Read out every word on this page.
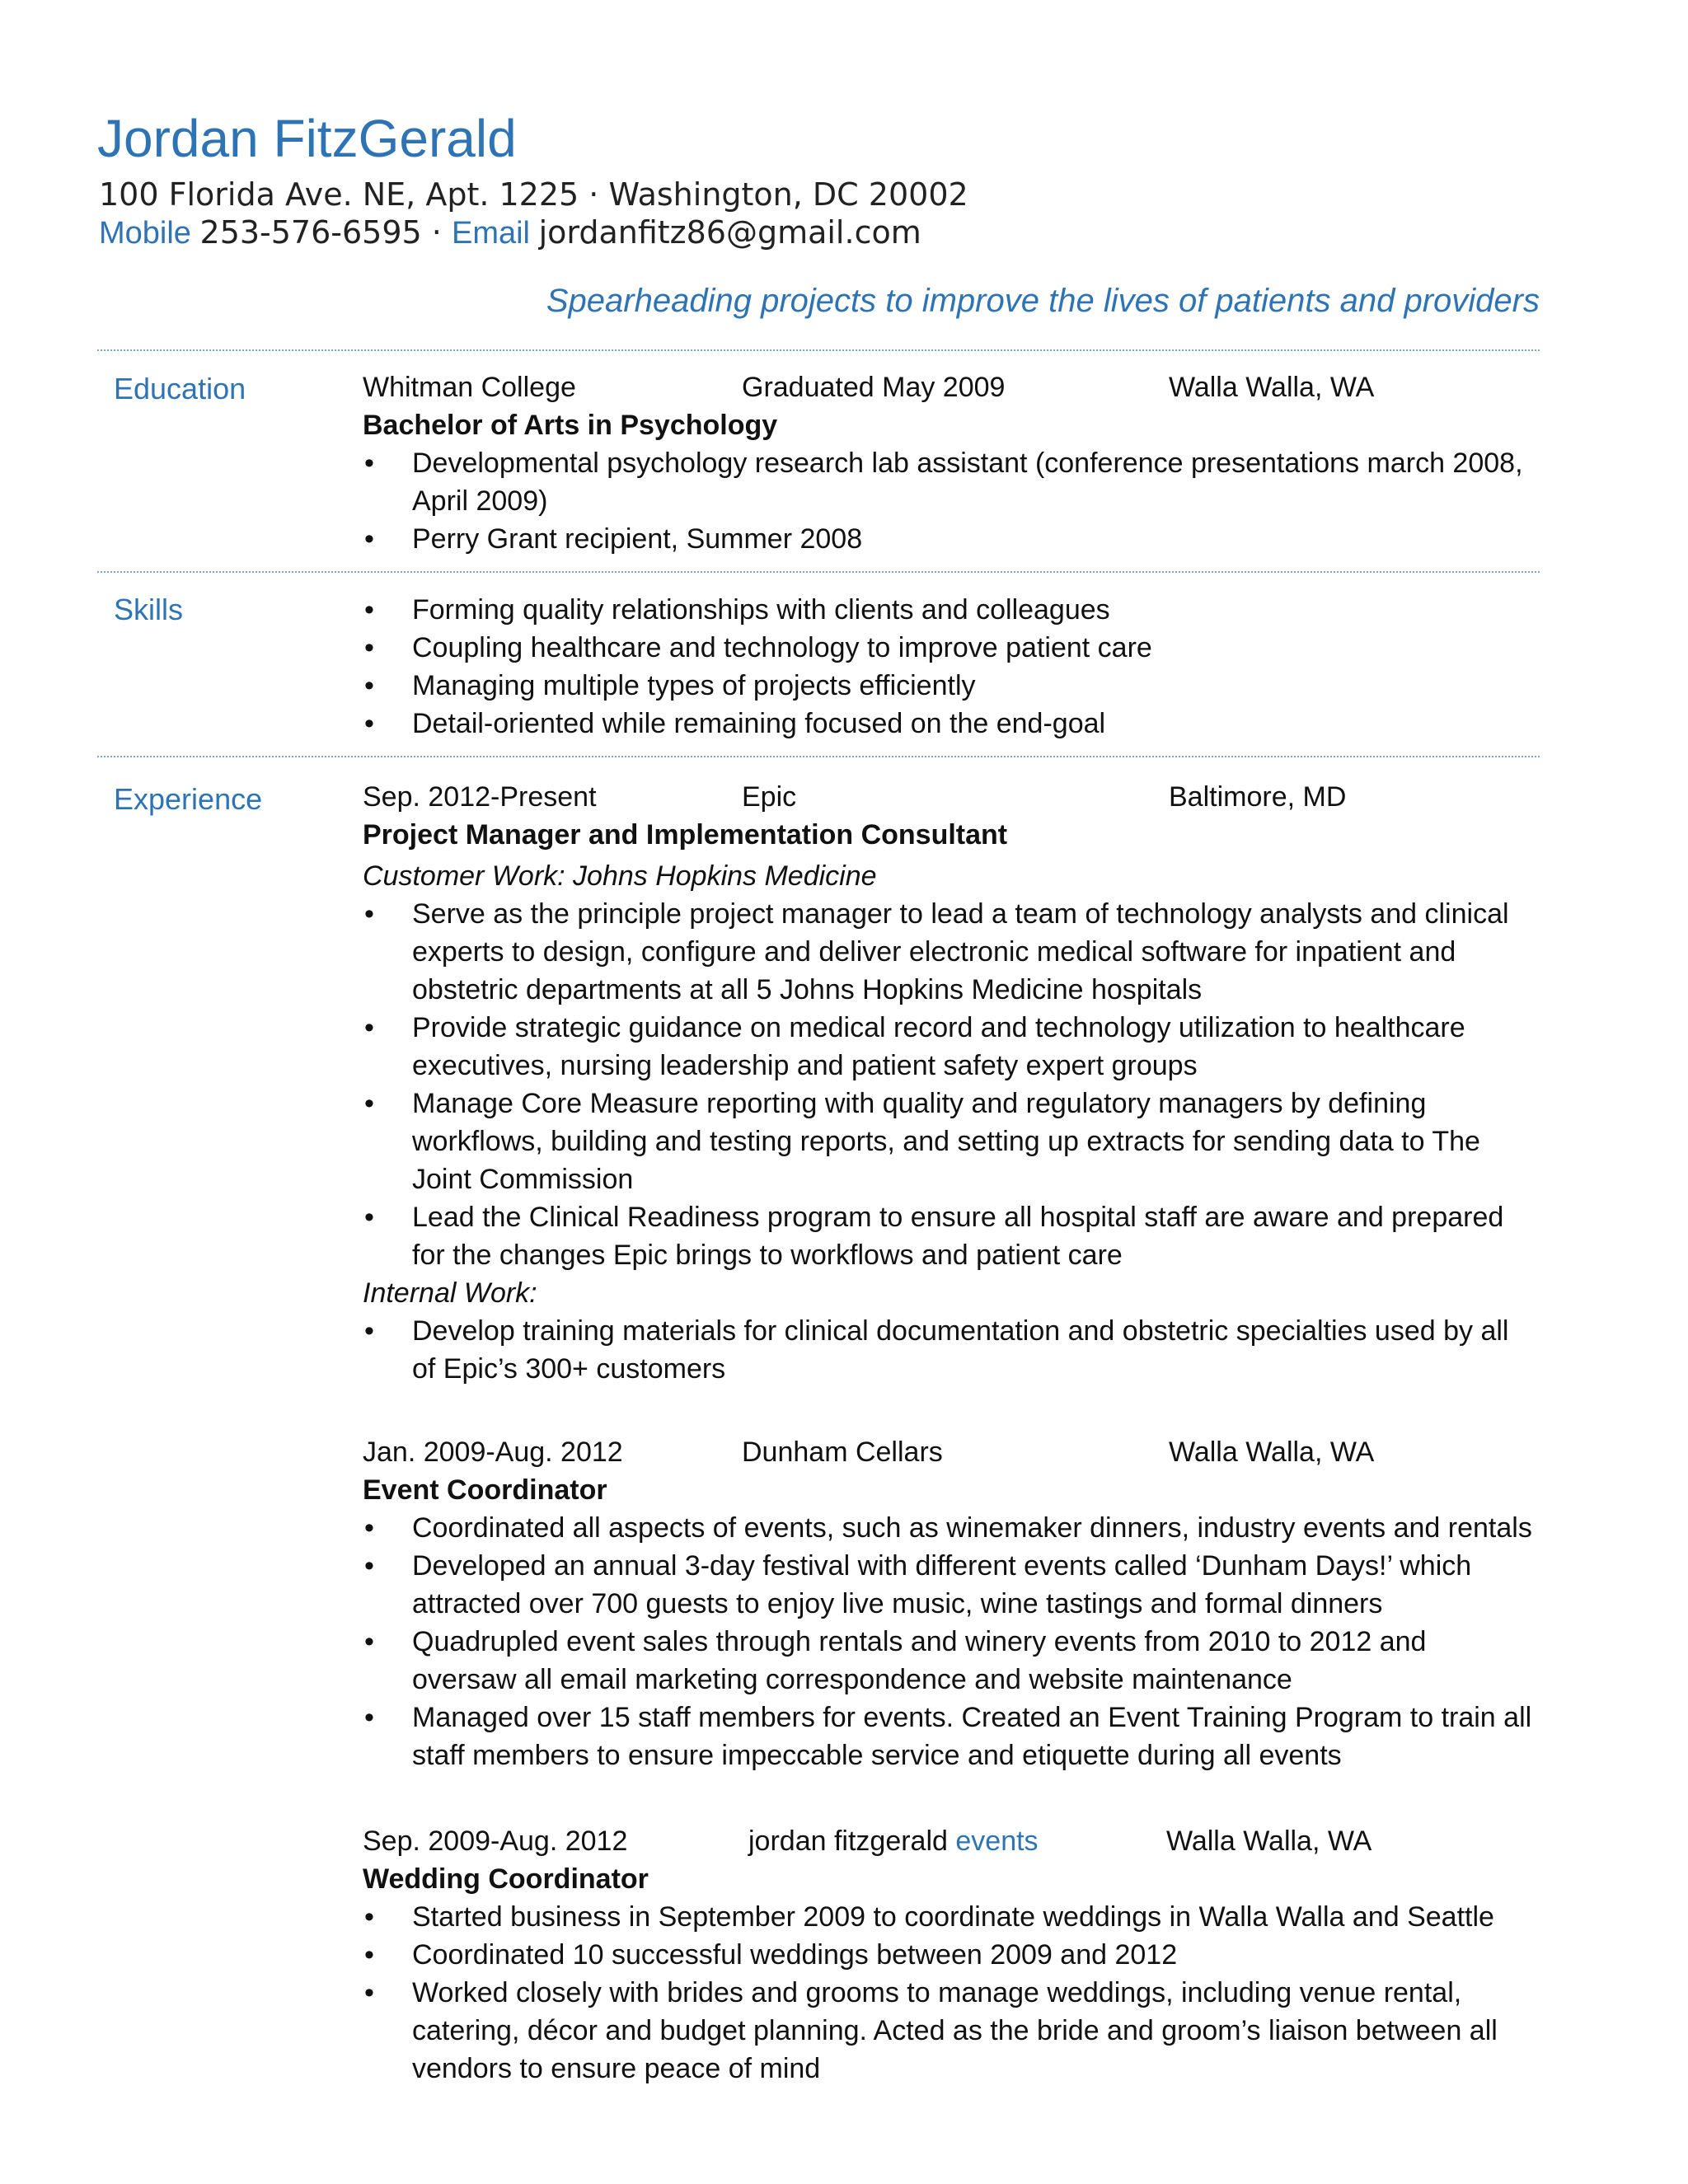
Jordan FitzGerald
100 Florida Ave. NE, Apt. 1225 · Washington, DC 20002
Mobile 253-576-6595 · Email jordanfitz86@gmail.com
Spearheading projects to improve the lives of patients and providers
Education	Whitman College	Graduated May 2009	Walla Walla, WA
Bachelor of Arts in Psychology
• Developmental psychology research lab assistant (conference presentations march 2008, April 2009)
• Perry Grant recipient, Summer 2008
Skills
•	Forming quality relationships with clients and colleagues
• Coupling healthcare and technology to improve patient care
• Managing multiple types of projects efficiently
• Detail-oriented while remaining focused on the end-goal
Experience	Sep. 2012-Present	Epic	Baltimore, MD
Project Manager and Implementation Consultant
Customer Work: Johns Hopkins Medicine
• Serve as the principle project manager to lead a team of technology analysts and clinical experts to design, configure and deliver electronic medical software for inpatient and obstetric departments at all 5 Johns Hopkins Medicine hospitals
• Provide strategic guidance on medical record and technology utilization to healthcare executives, nursing leadership and patient safety expert groups
• Manage Core Measure reporting with quality and regulatory managers by defining workflows, building and testing reports, and setting up extracts for sending data to The Joint Commission
• Lead the Clinical Readiness program to ensure all hospital staff are aware and prepared for the changes Epic brings to workflows and patient care
Internal Work:
• Develop training materials for clinical documentation and obstetric specialties used by all of Epic’s 300+ customers
Jan. 2009-Aug. 2012	Dunham Cellars	Walla Walla, WA
Event Coordinator
• Coordinated all aspects of events, such as winemaker dinners, industry events and rentals
• Developed an annual 3-day festival with different events called ‘Dunham Days!’ which attracted over 700 guests to enjoy live music, wine tastings and formal dinners
• Quadrupled event sales through rentals and winery events from 2010 to 2012 and oversaw all email marketing correspondence and website maintenance
• Managed over 15 staff members for events. Created an Event Training Program to train all staff members to ensure impeccable service and etiquette during all events
Sep. 2009-Aug. 2012	jordan fitzgerald events	Walla Walla, WA
Wedding Coordinator
• Started business in September 2009 to coordinate weddings in Walla Walla and Seattle
• Coordinated 10 successful weddings between 2009 and 2012
• Worked closely with brides and grooms to manage weddings, including venue rental, catering, décor and budget planning. Acted as the bride and groom’s liaison between all vendors to ensure peace of mind
